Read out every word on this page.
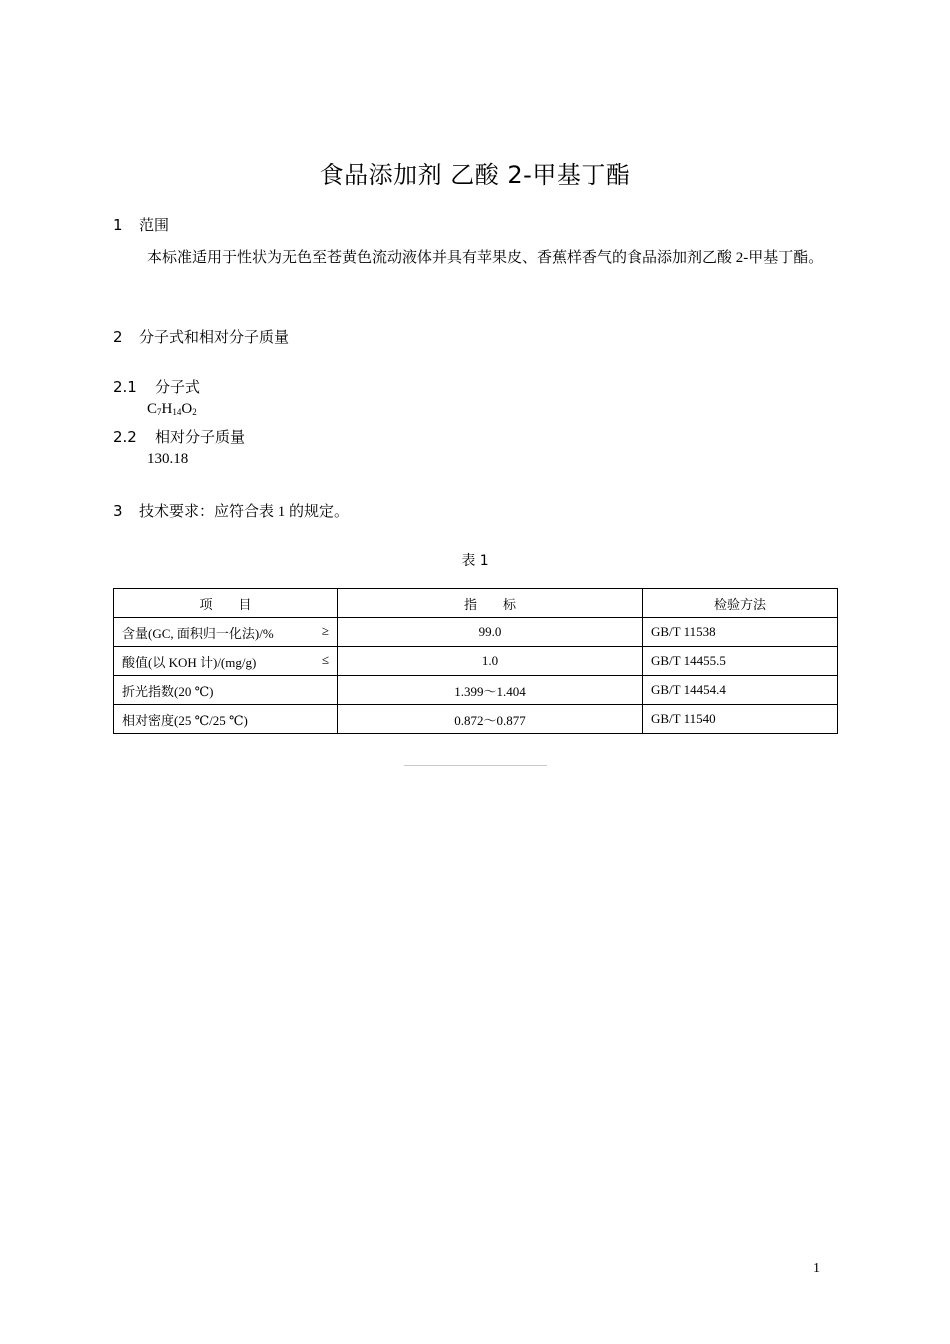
食品添加剂 乙酸 2-甲基丁酯
1 范围
本标准适用于性状为无色至苍黄色流动液体并具有苹果皮、香蕉样香气的食品添加剂乙酸 2-甲基丁酯。
2 分子式和相对分子质量
2.1 分子式
$C_7H_{14}O_2$
2.2 相对分子质量
130.18
3 技术要求：应符合表 1 的规定。
表 1
项　　目	指　　标	检验方法

含量(GC, 面积归一化法)/% ≥	99.0	GB/T 11538

酸值(以 KOH 计)/(mg/g) ≤	1.0	GB/T 14455.5

折光指数(20 ℃)	1.399～1.404	GB/T 14454.4

相对密度(25 ℃/25 ℃)	0.872～0.877	GB/T 11540
1
